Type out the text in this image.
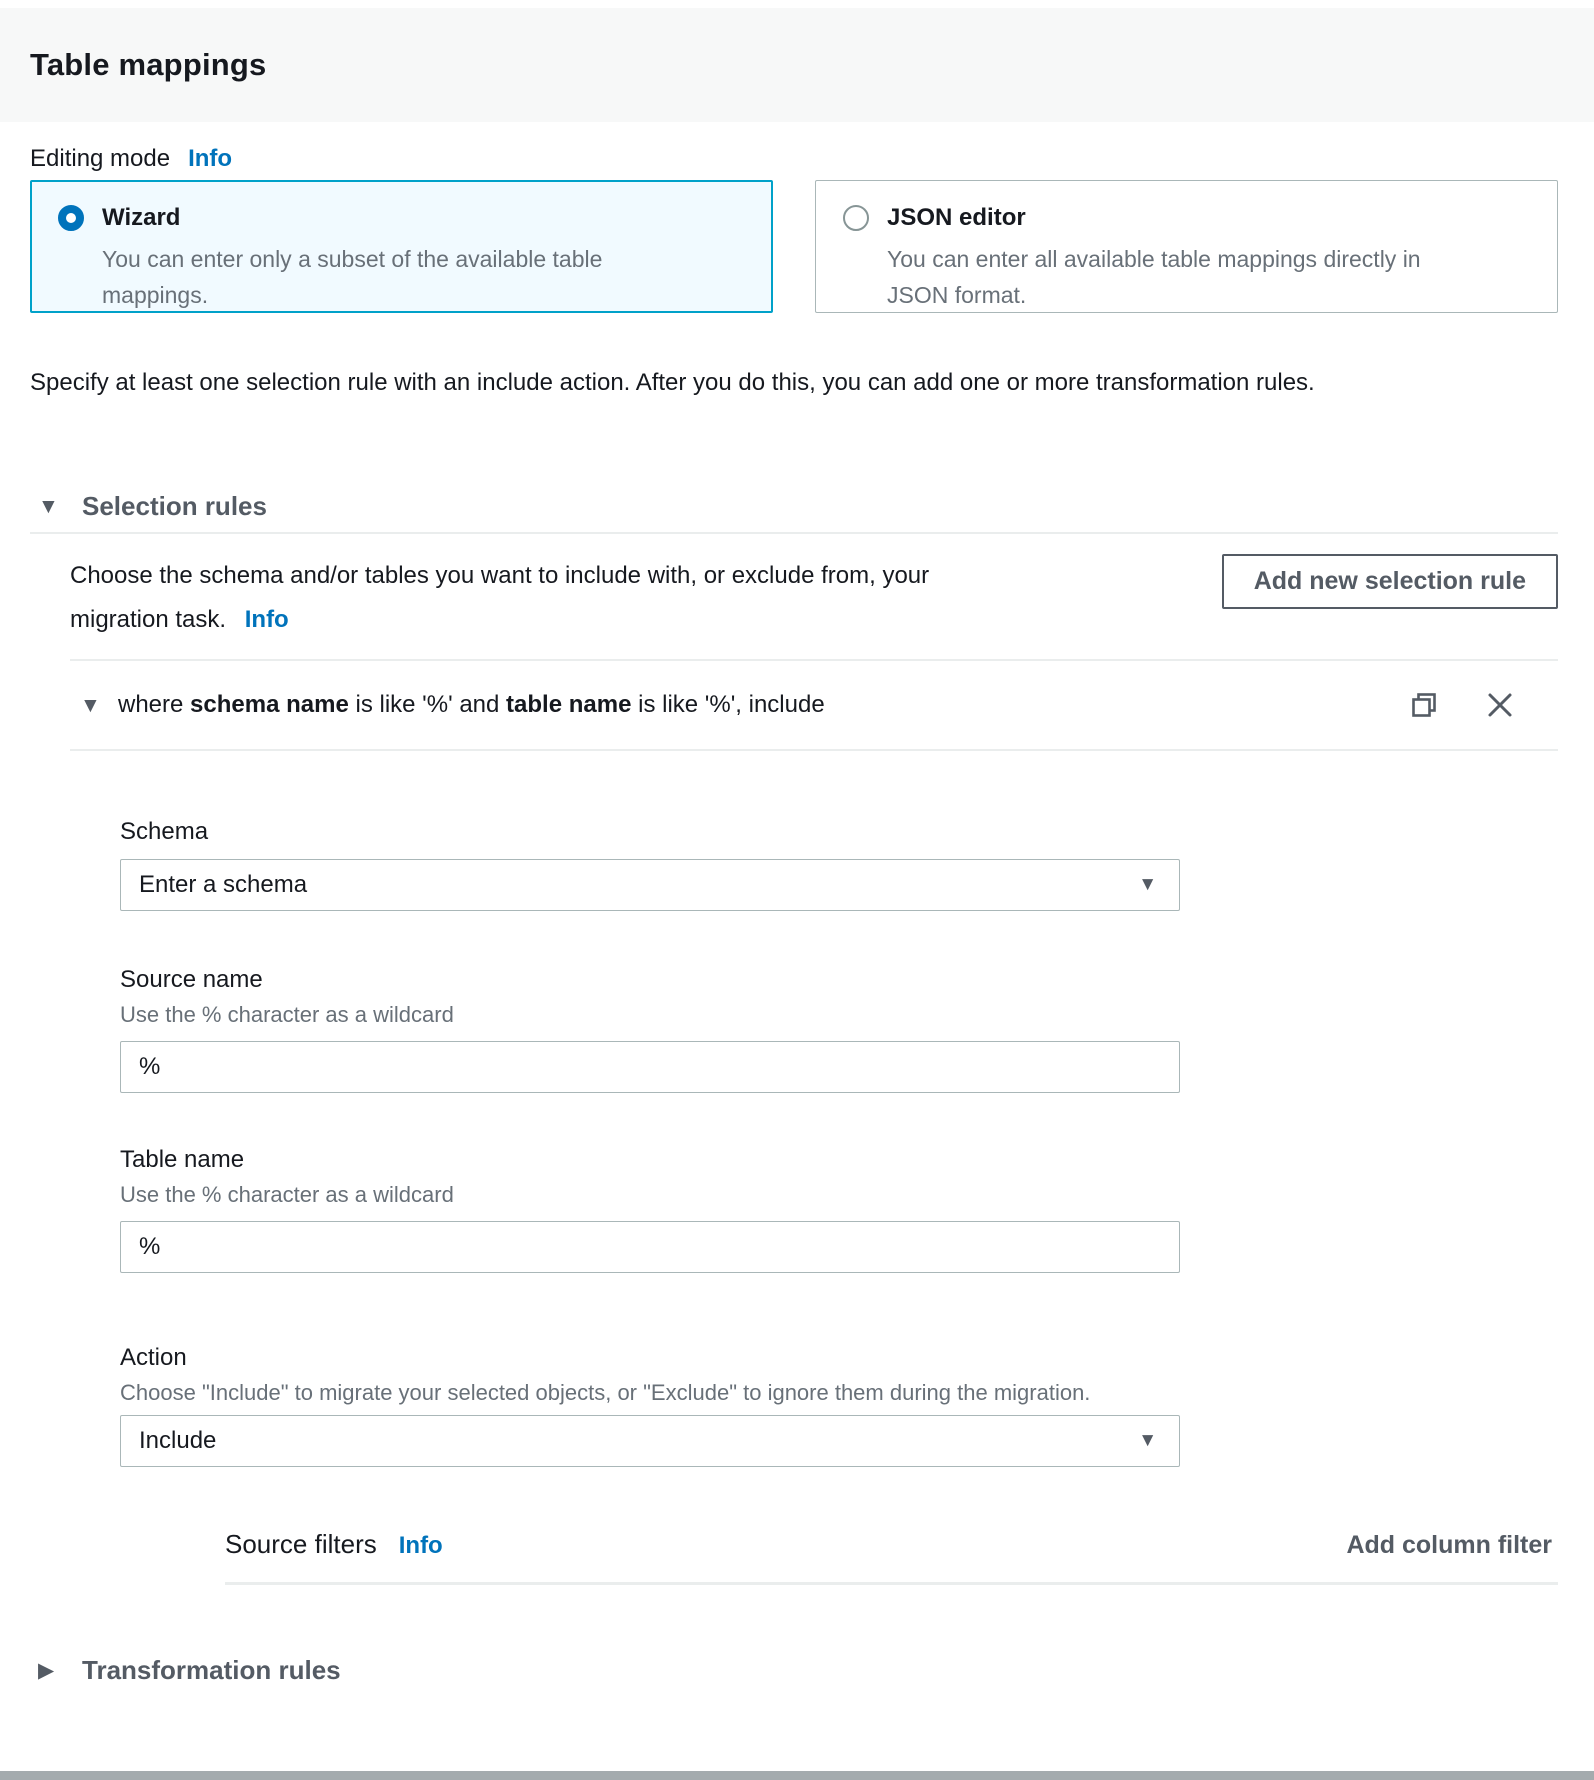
Table mappings
Editing mode Info
Wizard
You can enter only a subset of the available table mappings.
JSON editor
You can enter all available table mappings directly in JSON format.

Specify at least one selection rule with an include action. After you do this, you can add one or more transformation rules.

▼ Selection rules
Choose the schema and/or tables you want to include with, or exclude from, your migration task. Info
Add new selection rule
▼ where schema name is like '%' and table name is like '%', include
Schema
Enter a schema	▼
Source name
Use the % character as a wildcard
%
Table name
Use the % character as a wildcard
%
Action
Choose "Include" to migrate your selected objects, or "Exclude" to ignore them during the migration.
Include	▼
Source filters Info	Add column filter
▶	Transformation rules
